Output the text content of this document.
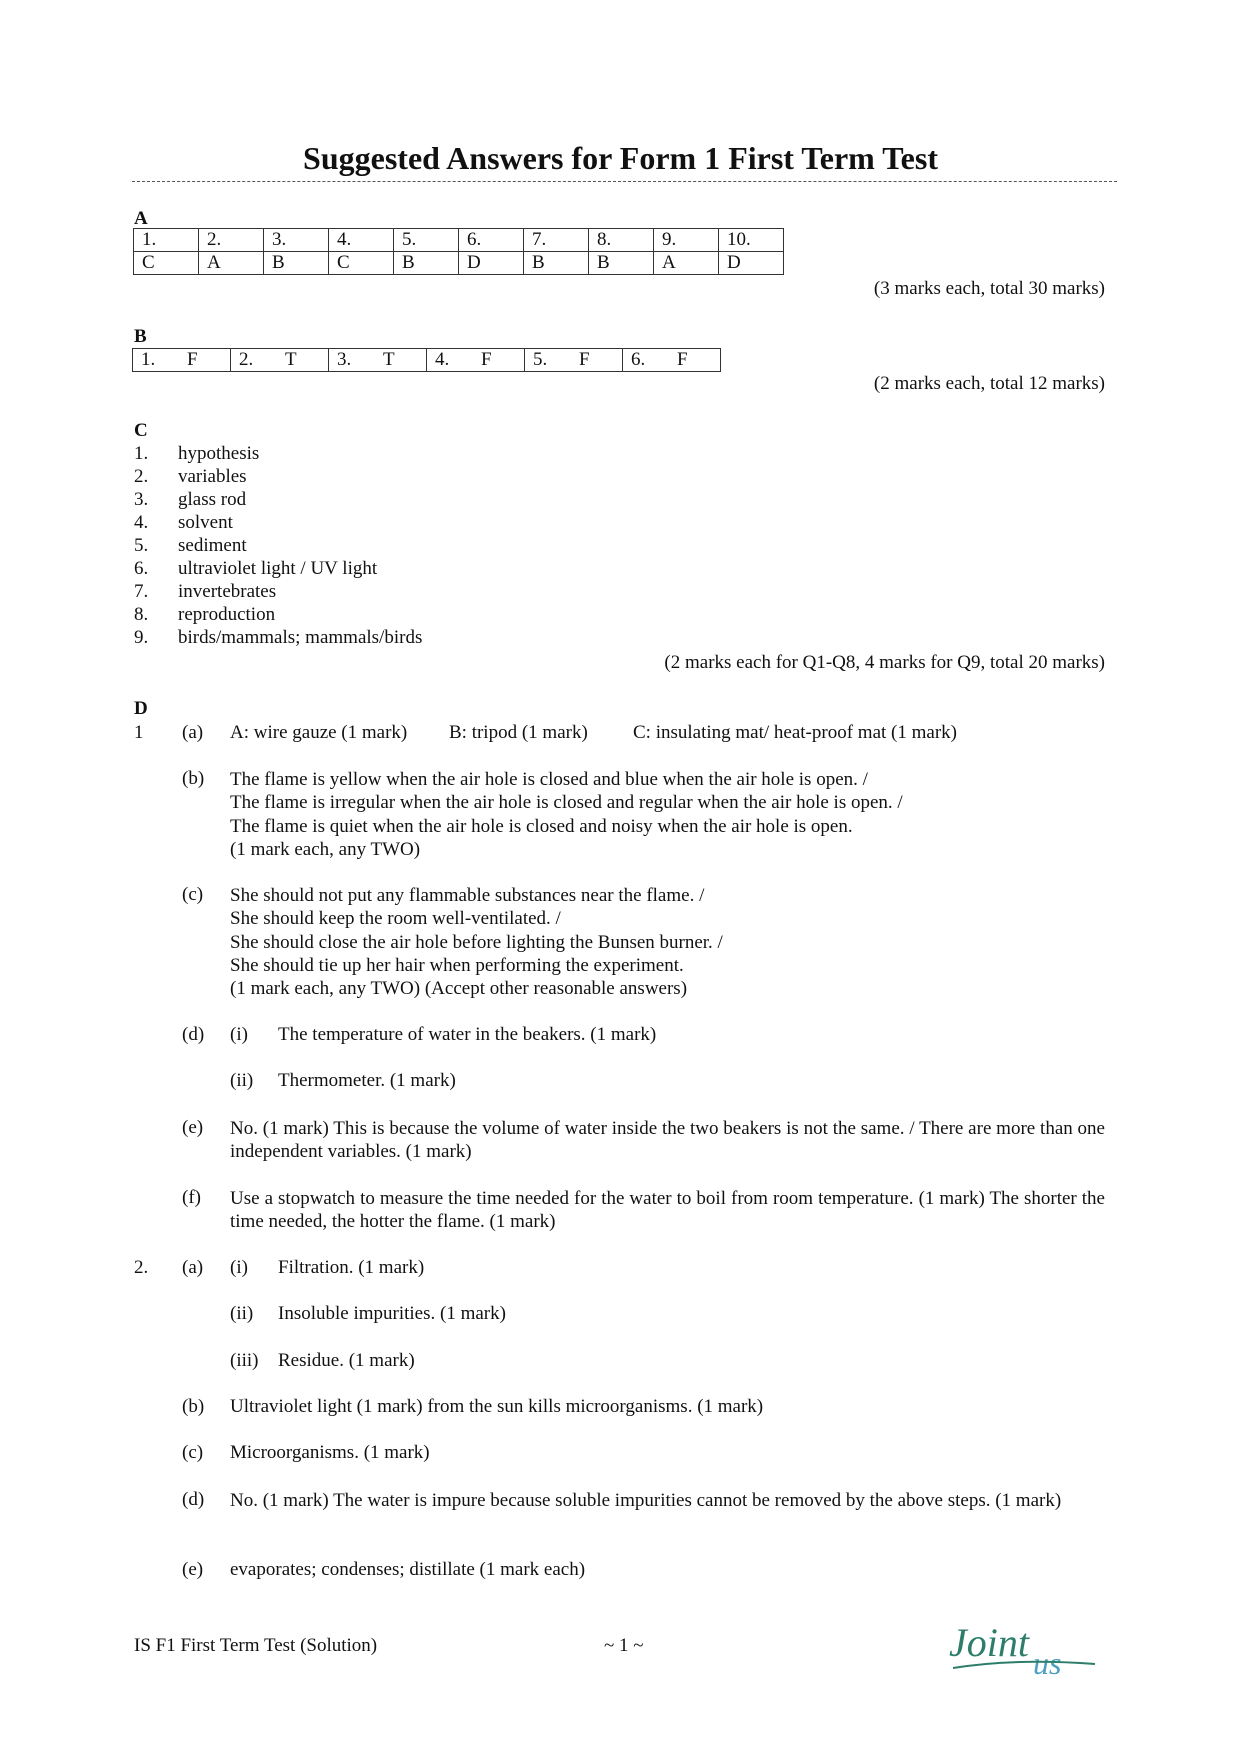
Suggested Answers for Form 1 First Term Test
A
1.	2.	3.	4.	5.	6.	7.	8.	9.	10.
C	A	B	C	B	D	B	B	A	D
(3 marks each, total 30 marks)
B
1. F	2. T	3. T	4. F	5. F	6. F
(2 marks each, total 12 marks)
C
1. hypothesis
2. variables
3. glass rod
4. solvent
5. sediment
6. ultraviolet light / UV light
7. invertebrates
8. reproduction
9. birds/mammals; mammals/birds
(2 marks each for Q1-Q8, 4 marks for Q9, total 20 marks)
D
1 (a) A: wire gauze (1 mark) B: tripod (1 mark) C: insulating mat/ heat-proof mat (1 mark)
(b) The flame is yellow when the air hole is closed and blue when the air hole is open. /
The flame is irregular when the air hole is closed and regular when the air hole is open. /
The flame is quiet when the air hole is closed and noisy when the air hole is open.
(1 mark each, any TWO)
(c) She should not put any flammable substances near the flame. /
She should keep the room well-ventilated. /
She should close the air hole before lighting the Bunsen burner. /
She should tie up her hair when performing the experiment.
(1 mark each, any TWO) (Accept other reasonable answers)
(d) (i) The temperature of water in the beakers. (1 mark)
(ii) Thermometer. (1 mark)
(e) No. (1 mark) This is because the volume of water inside the two beakers is not the same. / There are more than one independent variables. (1 mark)
(f) Use a stopwatch to measure the time needed for the water to boil from room temperature. (1 mark) The shorter the time needed, the hotter the flame. (1 mark)
2. (a) (i) Filtration. (1 mark)
(ii) Insoluble impurities. (1 mark)
(iii) Residue. (1 mark)
(b) Ultraviolet light (1 mark) from the sun kills microorganisms. (1 mark)
(c) Microorganisms. (1 mark)
(d) No. (1 mark) The water is impure because soluble impurities cannot be removed by the above steps. (1 mark)
(e) evaporates; condenses; distillate (1 mark each)
IS F1 First Term Test (Solution)	~ 1 ~	Joint us
